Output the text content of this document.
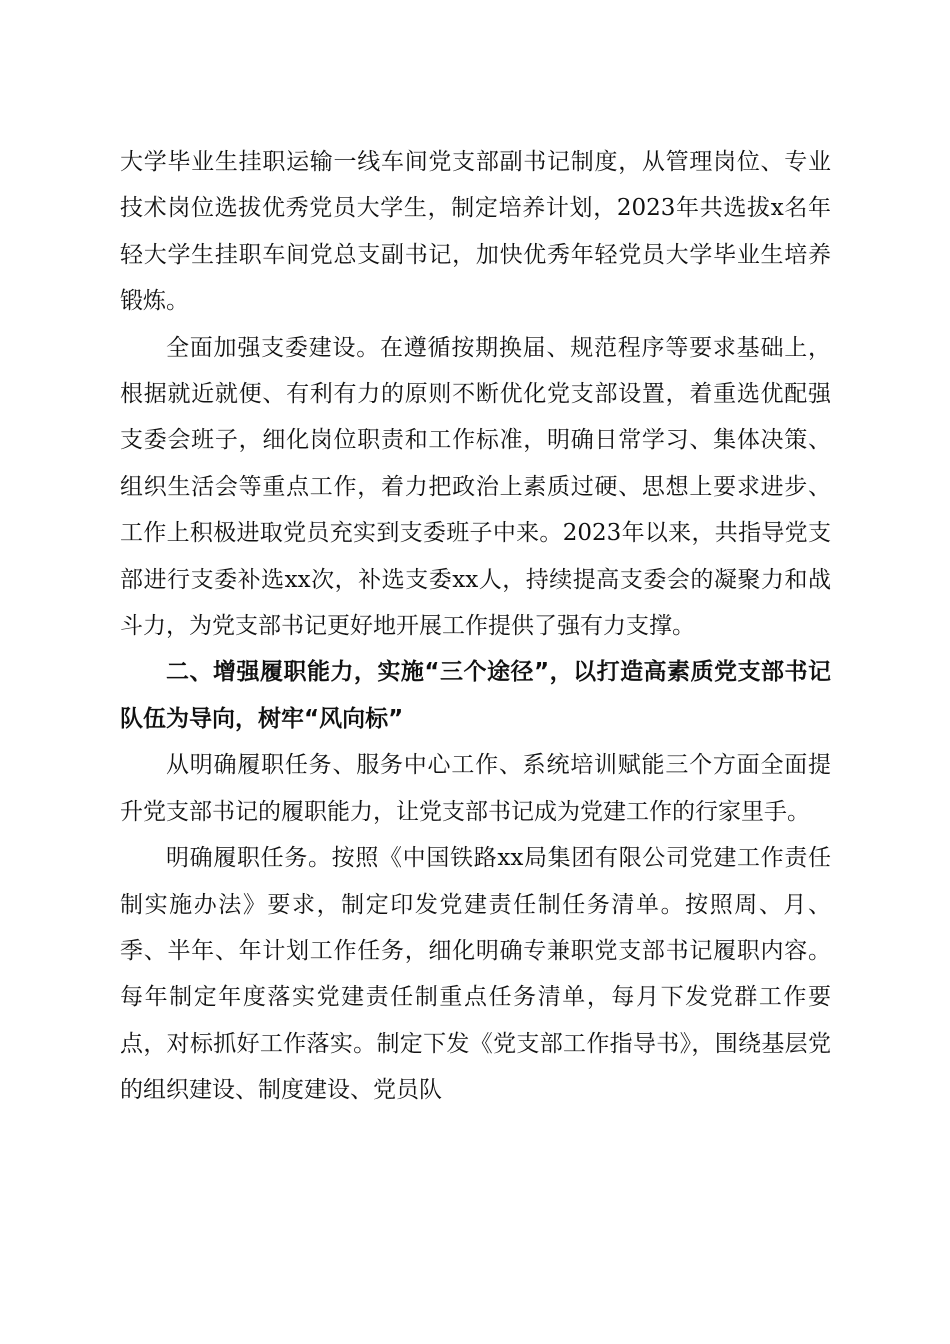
大学毕业生挂职运输一线车间党支部副书记制度，从管理岗位、专业技术岗位选拔优秀党员大学生，制定培养计划，2023年共选拔x名年轻大学生挂职车间党总支副书记，加快优秀年轻党员大学毕业生培养锻炼。

全面加强支委建设。在遵循按期换届、规范程序等要求基础上，根据就近就便、有利有力的原则不断优化党支部设置，着重选优配强支委会班子，细化岗位职责和工作标准，明确日常学习、集体决策、组织生活会等重点工作，着力把政治上素质过硬、思想上要求进步、工作上积极进取党员充实到支委班子中来。2023年以来，共指导党支部进行支委补选xx次，补选支委xx人，持续提高支委会的凝聚力和战斗力，为党支部书记更好地开展工作提供了强有力支撑。

二、增强履职能力，实施“三个途径”，以打造高素质党支部书记队伍为导向，树牢“风向标”

从明确履职任务、服务中心工作、系统培训赋能三个方面全面提升党支部书记的履职能力，让党支部书记成为党建工作的行家里手。

明确履职任务。按照《中国铁路xx局集团有限公司党建工作责任制实施办法》要求，制定印发党建责任制任务清单。按照周、月、季、半年、年计划工作任务，细化明确专兼职党支部书记履职内容。每年制定年度落实党建责任制重点任务清单，每月下发党群工作要点，对标抓好工作落实。制定下发《党支部工作指导书》，围绕基层党的组织建设、制度建设、党员队
